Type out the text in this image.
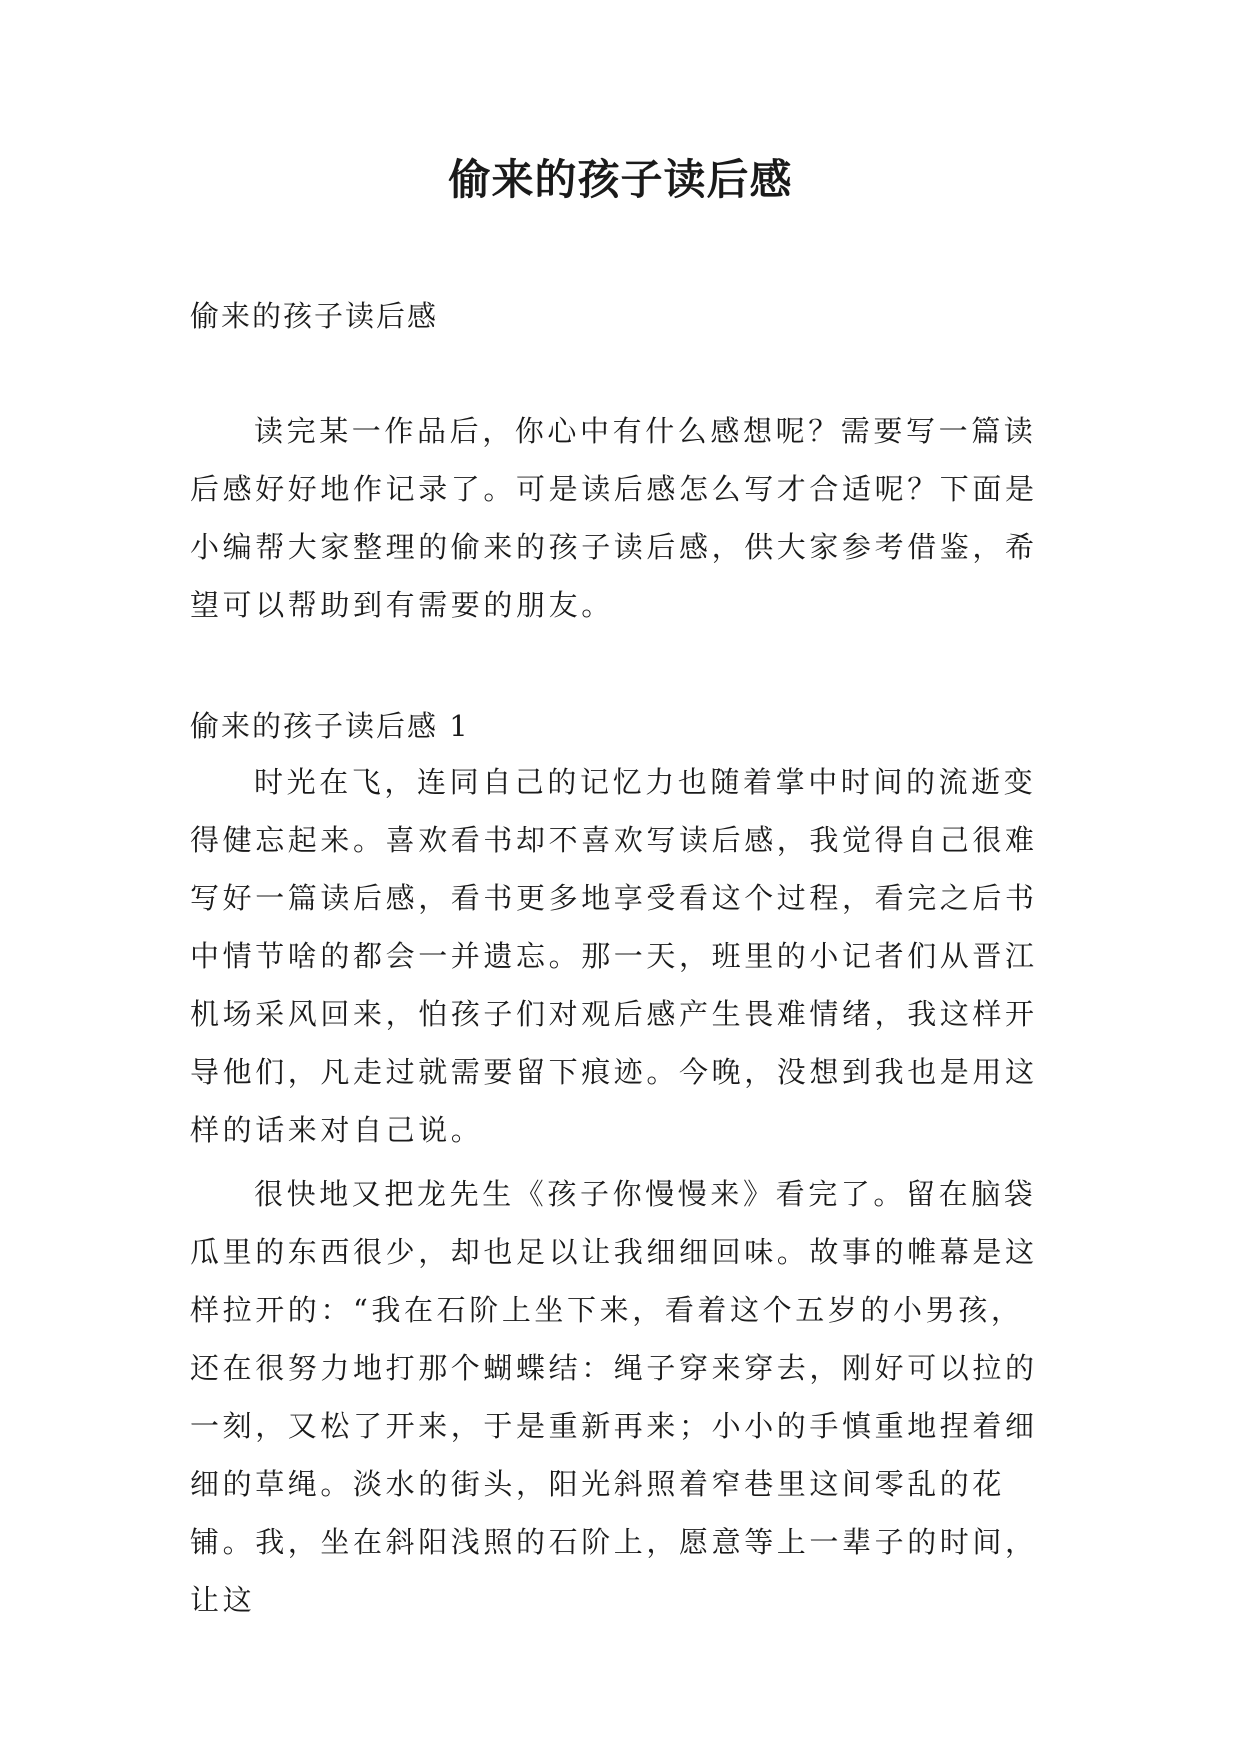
偷来的孩子读后感

偷来的孩子读后感

读完某一作品后，你心中有什么感想呢？需要写一篇读后感好好地作记录了。可是读后感怎么写才合适呢？下面是小编帮大家整理的偷来的孩子读后感，供大家参考借鉴，希望可以帮助到有需要的朋友。

偷来的孩子读后感 1

时光在飞，连同自己的记忆力也随着掌中时间的流逝变得健忘起来。喜欢看书却不喜欢写读后感，我觉得自己很难写好一篇读后感，看书更多地享受看这个过程，看完之后书中情节啥的都会一并遗忘。那一天，班里的小记者们从晋江机场采风回来，怕孩子们对观后感产生畏难情绪，我这样开导他们，凡走过就需要留下痕迹。今晚，没想到我也是用这样的话来对自己说。

很快地又把龙先生《孩子你慢慢来》看完了。留在脑袋瓜里的东西很少，却也足以让我细细回味。故事的帷幕是这样拉开的：“我在石阶上坐下来，看着这个五岁的小男孩，还在很努力地打那个蝴蝶结：绳子穿来穿去，刚好可以拉的一刻，又松了开来，于是重新再来；小小的手慎重地捏着细细的草绳。淡水的街头，阳光斜照着窄巷里这间零乱的花铺。我，坐在斜阳浅照的石阶上，愿意等上一辈子的时间，让这
